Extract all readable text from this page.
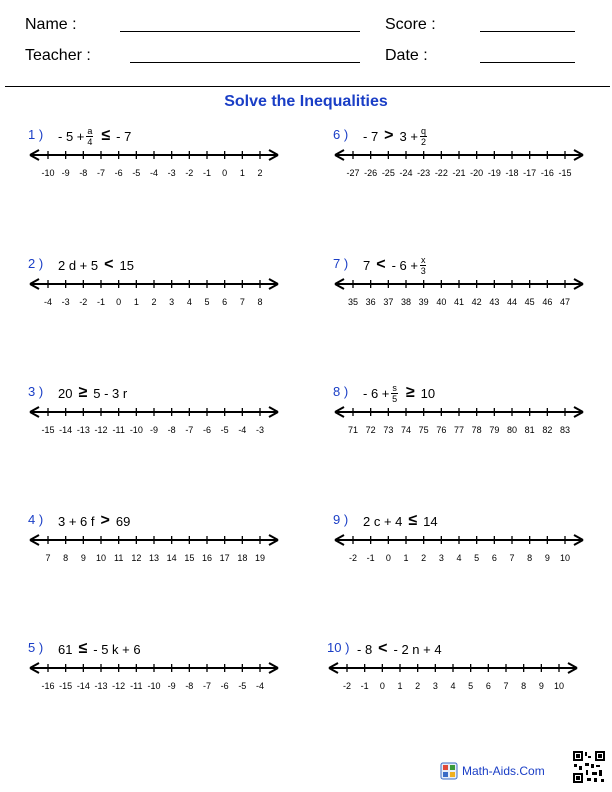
Name :
Teacher :
Score :
Date :
Solve the Inequalities
1 ) - $5 + \frac{a}{4}$ ≤ - 7
-10 -9 -8 -7 -6 -5 -4 -3 -2 -1 0 1 2
2 ) 2 d + 5 < 15
-4 -3 -2 -1 0 1 2 3 4 5 6 7 8
3 ) 20 ≥ 5 - 3 r
-15 -14 -13 -12 -11 -10 -9 -8 -7 -6 -5 -4 -3
4 ) 3 + 6 f > 69
7 8 9 10 11 12 13 14 15 16 17 18 19
5 ) 61 ≤ - 5 k + 6
-16 -15 -14 -13 -12 -11 -10 -9 -8 -7 -6 -5 -4
6 ) - $7 > 3 + \frac{q}{2}$
-27 -26 -25 -24 -23 -22 -21 -20 -19 -18 -17 -16 -15
7 ) 7 < - $6 + \frac{x}{3}$
35 36 37 38 39 40 41 42 43 44 45 46 47
8 ) - $6 + \frac{s}{5} \ge 10$
71 72 73 74 75 76 77 78 79 80 81 82 83
9 ) 2 c + 4 ≤ 14
-2 -1 0 1 2 3 4 5 6 7 8 9 10
10 ) - 8 < - 2 n + 4
-2 -1 0 1 2 3 4 5 6 7 8 9 10
Math-Aids.Com
